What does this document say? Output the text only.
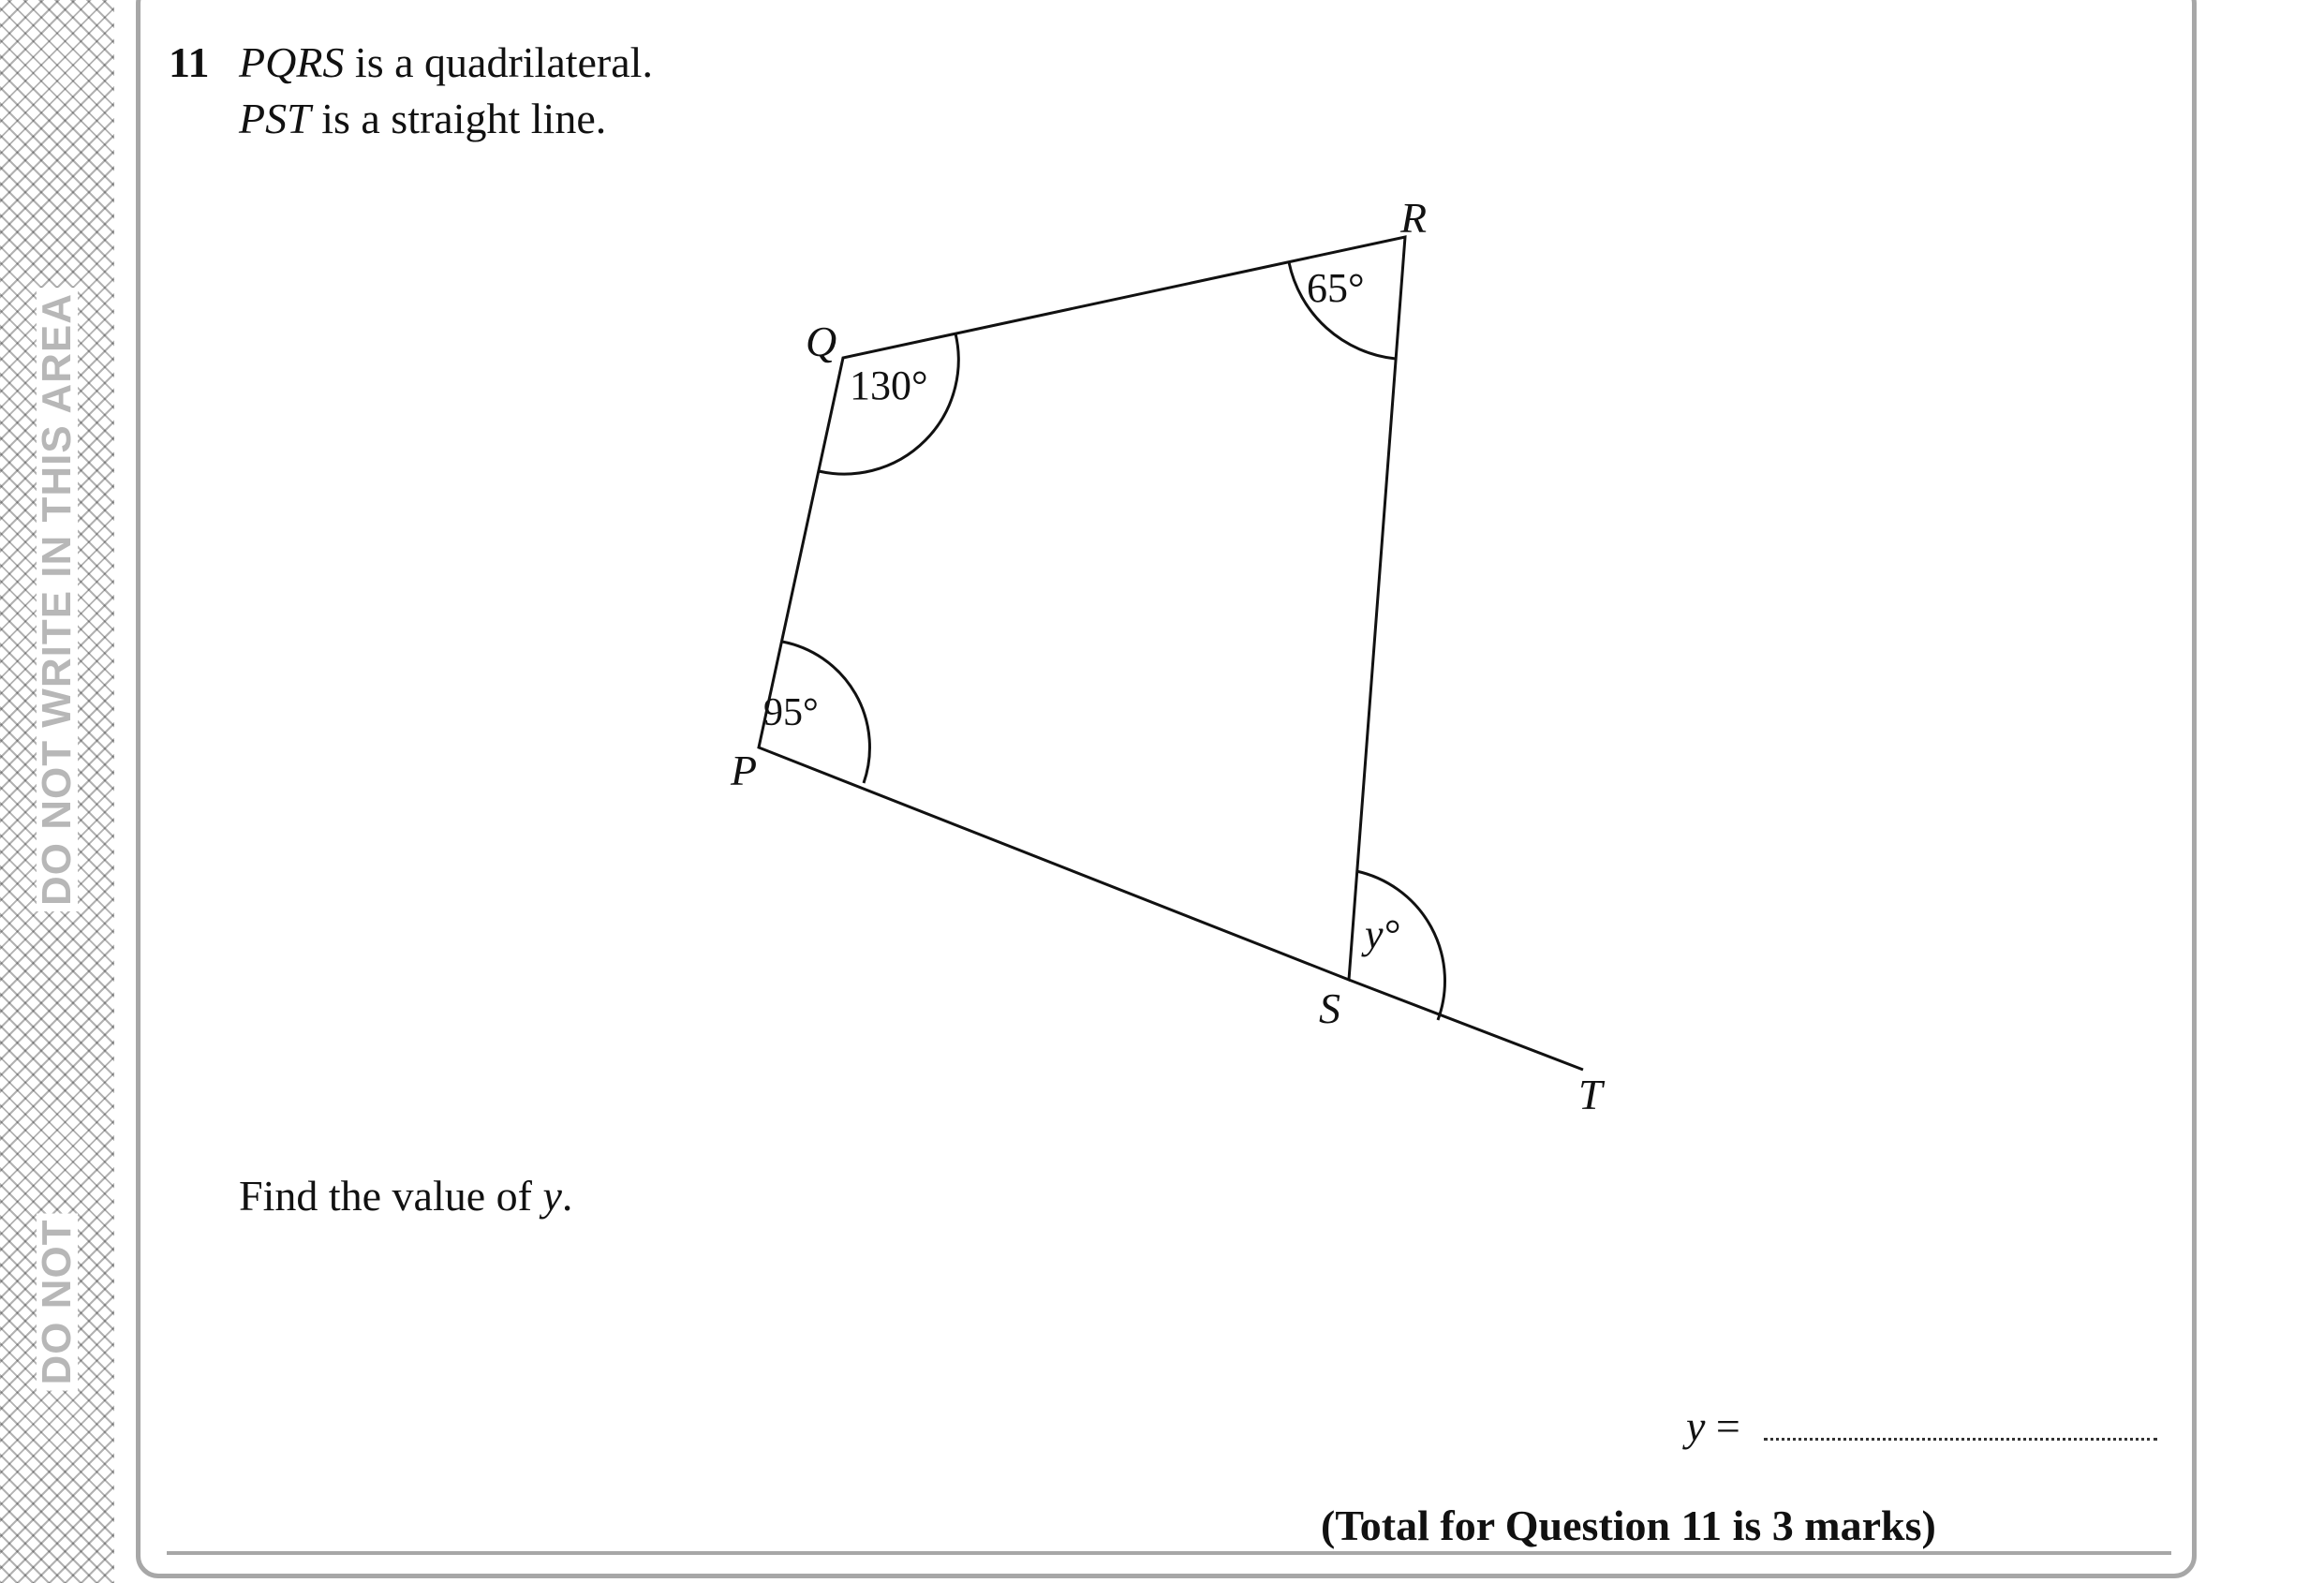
DO NOT WRITE IN THIS AREA
DO NOT
11 PQRS is a quadrilateral.
PST is a straight line.
95°
130°
65°
y°
P
Q
R
S
T
Find the value of y.
y =
(Total for Question 11 is 3 marks)
